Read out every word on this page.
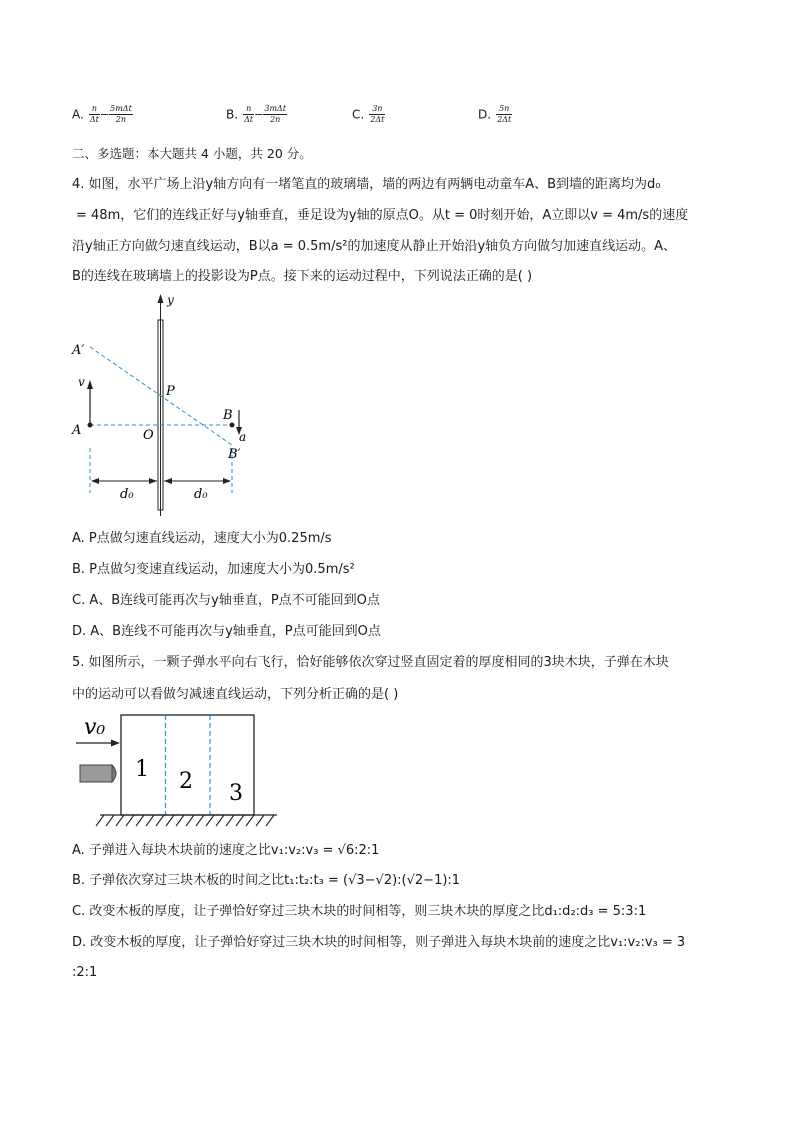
A. $\frac{n}{\Delta t} - \frac{\text{5mΔt}}{2n}$	B. $\frac{n}{\Delta t} - \frac{\text{3mΔt}}{2n}$	C. $\frac{3n}{2\Delta t}$	D. $\frac{5n}{2\Delta t}$
二、多选题：本大题共 4 小题，共 20 分。
4. 如图，水平广场上沿y轴方向有一堵笔直的玻璃墙，墙的两边有两辆电动童车A、B到墙的距离均为d₀
= 48m，它们的连线正好与y轴垂直，垂足设为y轴的原点O。从t = 0时刻开始，A立即以v = 4m/s的速度
沿y轴正方向做匀速直线运动，B以a = 0.5m/s²的加速度从静止开始沿y轴负方向做匀加速直线运动。A、
B的连线在玻璃墙上的投影设为P点。接下来的运动过程中，下列说法正确的是( )
y
A′
v
P
B
A	O	a
B′
d₀	d₀
A. P点做匀速直线运动，速度大小为0.25m/s
B. P点做匀变速直线运动，加速度大小为0.5m/s²
C. A、B连线可能再次与y轴垂直，P点不可能回到O点
D. A、B连线不可能再次与y轴垂直，P点可能回到O点
5. 如图所示，一颗子弹水平向右飞行，恰好能够依次穿过竖直固定着的厚度相同的3块木块，子弹在木块
中的运动可以看做匀减速直线运动，下列分析正确的是( )
v₀
1 2 3
A. 子弹进入每块木块前的速度之比v₁:v₂:v₃ = √6:2:1
B. 子弹依次穿过三块木板的时间之比t₁:t₂:t₃ = (√3−√2):(√2−1):1
C. 改变木板的厚度，让子弹恰好穿过三块木块的时间相等，则三块木块的厚度之比d₁:d₂:d₃ = 5:3:1
D. 改变木板的厚度，让子弹恰好穿过三块木块的时间相等，则子弹进入每块木块前的速度之比v₁:v₂:v₃ = 3
:2:1
